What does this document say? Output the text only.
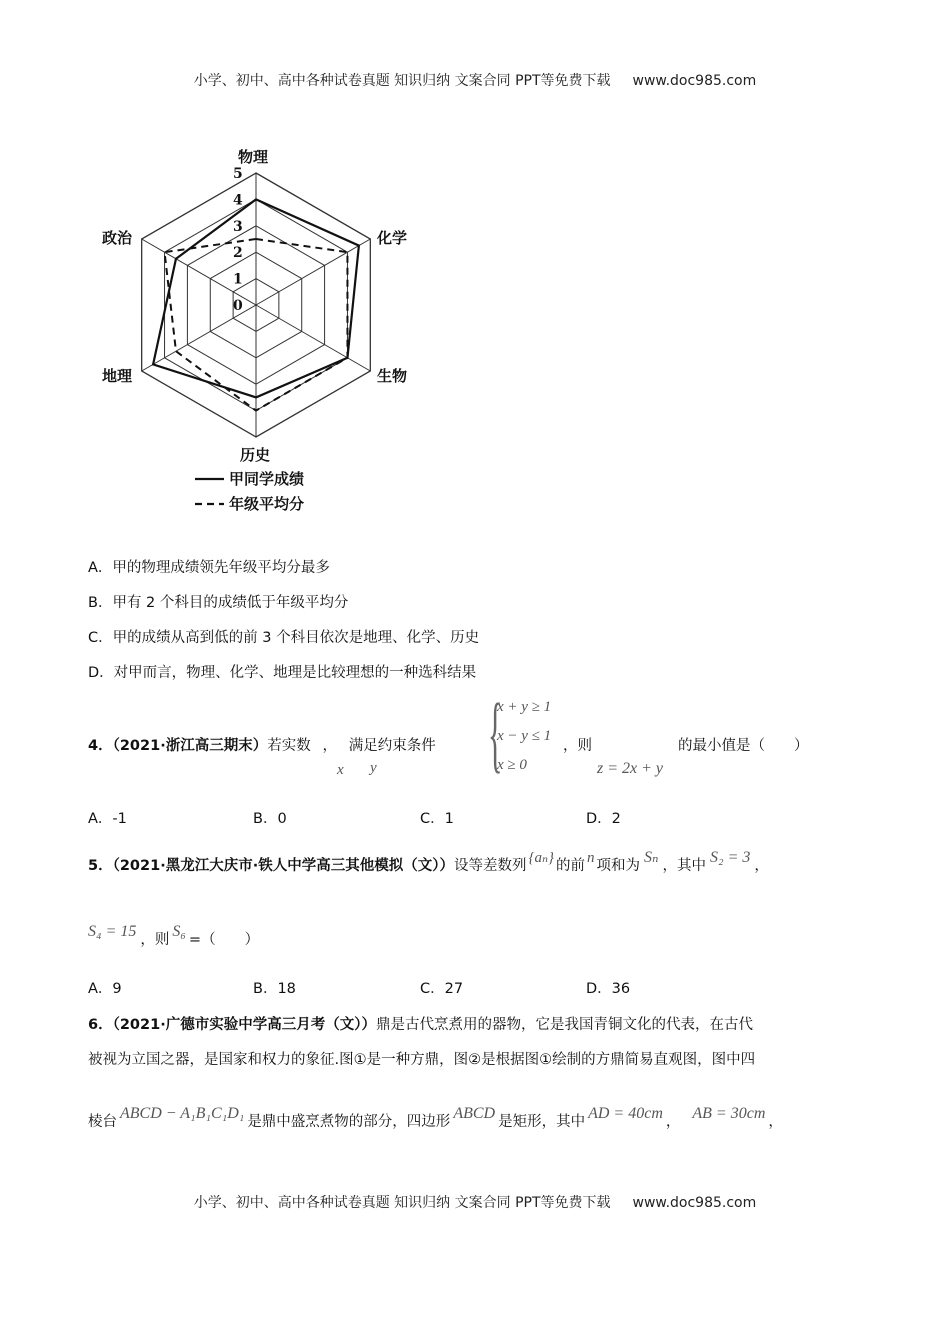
小学、初中、高中各种试卷真题 知识归纳 文案合同 PPT等免费下载 www.doc985.com
0
1
2
3
4
5
物理
化学
生物
历史
地理
政治
甲同学成绩
年级平均分
A．甲的物理成绩领先年级平均分最多
B．甲有 2 个科目的成绩低于年级平均分
C．甲的成绩从高到低的前 3 个科目依次是地理、化学、历史
D．对甲而言，物理、化学、地理是比较理想的一种选科结果
4．（2021·浙江高三期末）若实数 ， 满足约束条件
x y {
x + y ≥ 1
x − y ≤ 1
x ≥ 0
，则
z = 2x + y
的最小值是（　　）
A．-1	B．0	C．1	D．2
5．（2021·黑龙江大庆市·铁人中学高三其他模拟（文））设等差数列 {aₙ} 的前 n 项和为 Sₙ ，其中 S₂ = 3 ，
S₄ = 15 ，则 S₆ =（　　）
A．9	B．18	C．27	D．36
6．（2021·广德市实验中学高三月考（文））鼎是古代烹煮用的器物，它是我国青铜文化的代表，在古代
被视为立国之器，是国家和权力的象征.图①是一种方鼎，图②是根据图①绘制的方鼎简易直观图，图中四
棱台 ABCD − A₁B₁C₁D₁ 是鼎中盛烹煮物的部分，四边形 ABCD 是矩形，其中 AD = 40cm ， AB = 30cm ，
小学、初中、高中各种试卷真题 知识归纳 文案合同 PPT等免费下载 www.doc985.com
